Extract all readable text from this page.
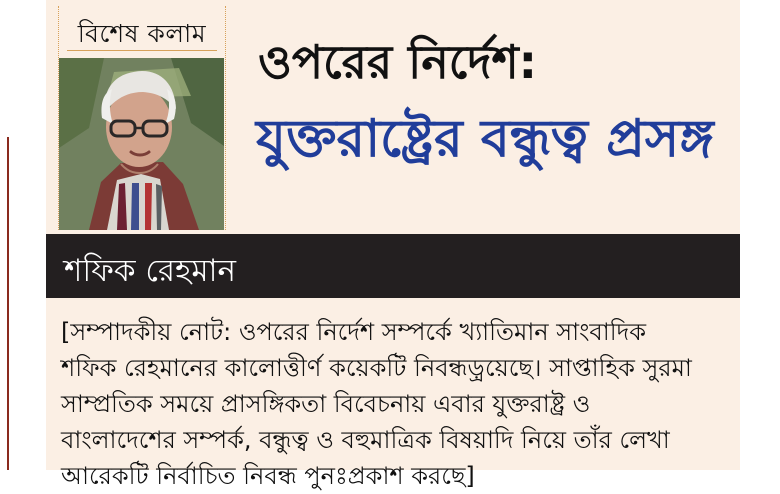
বিশেষ কলাম
ওপরের নির্দেশ:
যুক্তরাষ্ট্রের বন্ধুত্ব প্রসঙ্গ
শফিক রেহমান
[সম্পাদকীয় নোট: ওপরের নির্দেশ সম্পর্কে খ্যাতিমান সাংবাদিক
শফিক রেহমানের কালোত্তীর্ণ কয়েকটি নিবন্ধড়্রয়েছে। সাপ্তাহিক সুরমা
সাম্প্রতিক সময়ে প্রাসঙ্গিকতা বিবেচনায় এবার যুক্তরাষ্ট্র ও
বাংলাদেশের সম্পর্ক, বন্ধুত্ব ও বহুমাত্রিক বিষয়াদি নিয়ে তাঁর লেখা
আরেকটি নির্বাচিত নিবন্ধ পুনঃপ্রকাশ করছে]
